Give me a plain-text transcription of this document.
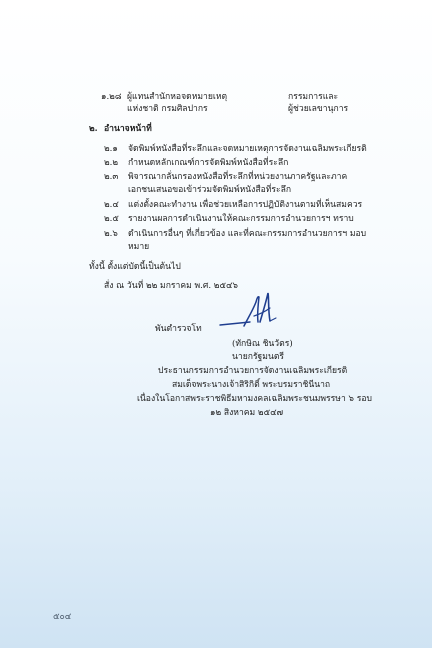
๑.๒๘ ผู้แทนสำนักหอจดหมายเหตุ
แห่งชาติ กรมศิลปากร
กรรมการและ
ผู้ช่วยเลขานุการ
๒. อำนาจหน้าที่
๒.๑ จัดพิมพ์หนังสือที่ระลึกและจดหมายเหตุการจัดงานเฉลิมพระเกียรติ
๒.๒ กำหนดหลักเกณฑ์การจัดพิมพ์หนังสือที่ระลึก
๒.๓ พิจารณากลั่นกรองหนังสือที่ระลึกที่หน่วยงานภาครัฐและภาค
เอกชนเสนอขอเข้าร่วมจัดพิมพ์หนังสือที่ระลึก
๒.๔ แต่งตั้งคณะทำงาน เพื่อช่วยเหลือการปฏิบัติงานตามที่เห็นสมควร
๒.๕ รายงานผลการดำเนินงานให้คณะกรรมการอำนวยการฯ ทราบ
๒.๖ ดำเนินการอื่นๆ ที่เกี่ยวข้อง และที่คณะกรรมการอำนวยการฯ มอบ
หมาย
ทั้งนี้ ตั้งแต่บัดนี้เป็นต้นไป
สั่ง ณ วันที่ ๒๒ มกราคม พ.ศ. ๒๕๔๖
พันตำรวจโท
(ทักษิณ ชินวัตร)
นายกรัฐมนตรี
ประธานกรรมการอำนวยการจัดงานเฉลิมพระเกียรติ
สมเด็จพระนางเจ้าสิริกิติ์ พระบรมราชินีนาถ
เนื่องในโอกาสพระราชพิธีมหามงคลเฉลิมพระชนมพรรษา ๖ รอบ
๑๒ สิงหาคม ๒๕๔๗
๕๐๔
